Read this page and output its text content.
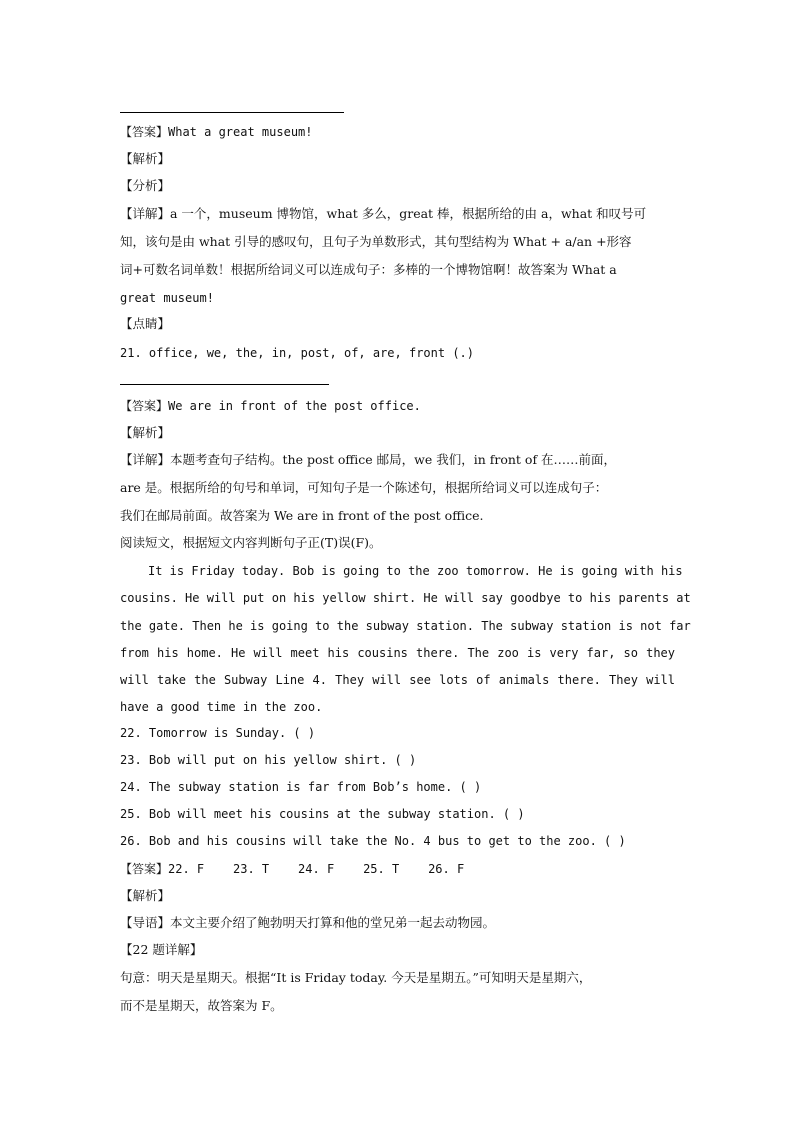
【答案】What a great museum!
【解析】
【分析】
【详解】a 一个，museum 博物馆，what 多么，great 棒，根据所给的由 a，what 和叹号可
知，该句是由 what 引导的感叹句，且句子为单数形式，其句型结构为 What + a/an +形容
词+可数名词单数！根据所给词义可以连成句子：多棒的一个博物馆啊！故答案为 What a
great museum!
【点睛】
21. office, we, the, in, post, of, are, front (.)
【答案】We are in front of the post office.
【解析】
【详解】本题考查句子结构。the post office 邮局，we 我们，in front of 在……前面，
are 是。根据所给的句号和单词，可知句子是一个陈述句，根据所给词义可以连成句子：
我们在邮局前面。故答案为 We are in front of the post office.
阅读短文，根据短文内容判断句子正(T)误(F)。
It is Friday today. Bob is going to the zoo tomorrow. He is going with his
cousins. He will put on his yellow shirt. He will say goodbye to his parents at
the gate. Then he is going to the subway station. The subway station is not far
from his home. He will meet his cousins there. The zoo is very far, so they
will take the Subway Line 4. They will see lots of animals there. They will
have a good time in the zoo.
22. Tomorrow is Sunday. ( )
23. Bob will put on his yellow shirt. ( )
24. The subway station is far from Bob’s home. ( )
25. Bob will meet his cousins at the subway station. ( )
26. Bob and his cousins will take the No. 4 bus to get to the zoo. ( )
【答案】22. F    23. T    24. F    25. T    26. F
【解析】
【导语】本文主要介绍了鲍勃明天打算和他的堂兄弟一起去动物园。
【22 题详解】
句意：明天是星期天。根据“It is Friday today. 今天是星期五。”可知明天是星期六，
而不是星期天，故答案为 F。
